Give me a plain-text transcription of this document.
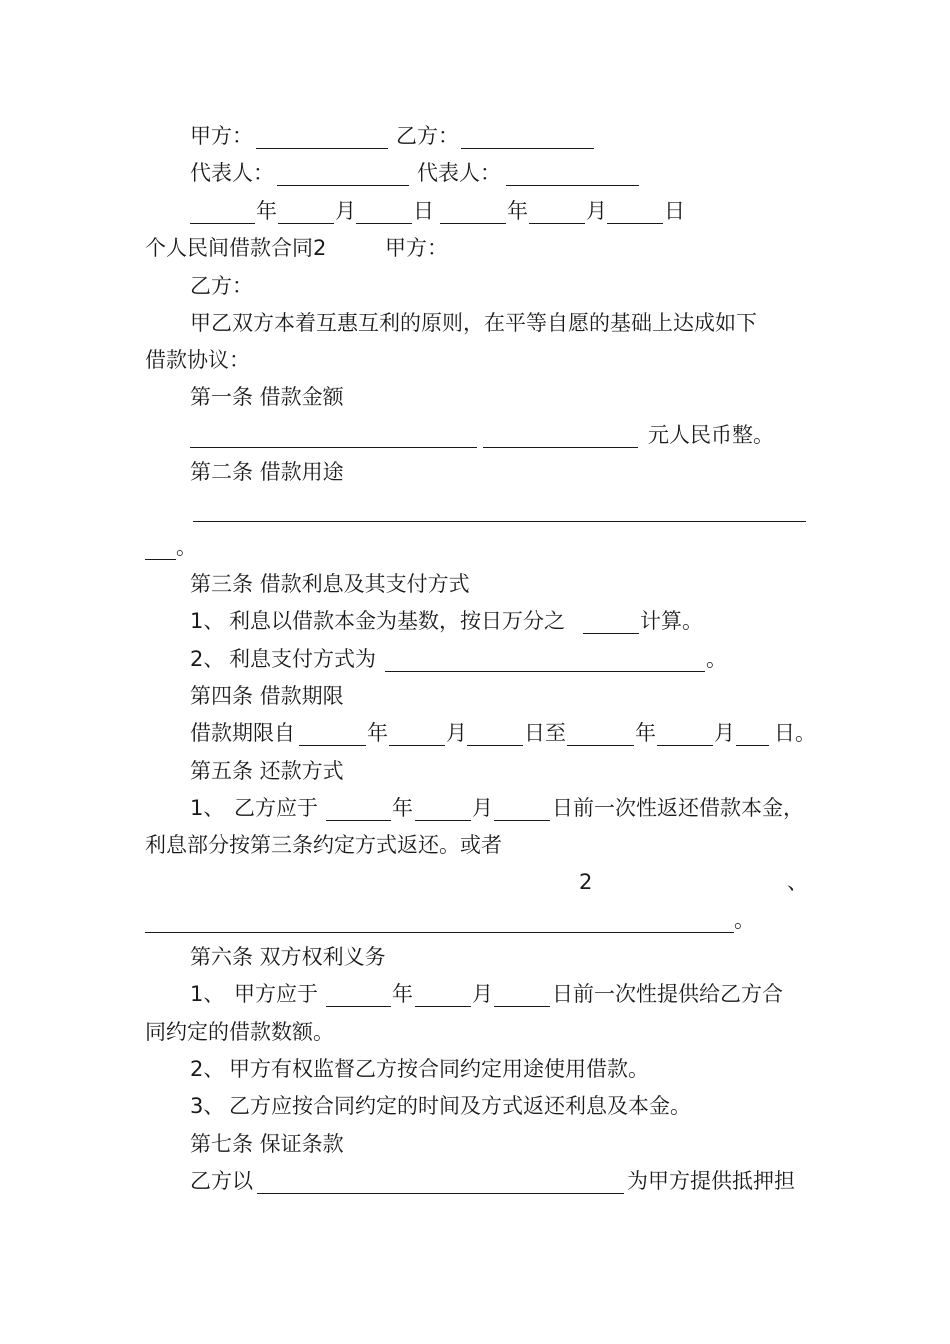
甲方：	乙方：
代表人：	代表人：
年	月	日	年	月	日
个人民间借款合同2	甲方：
乙方：
甲乙双方本着互惠互利的原则，在平等自愿的基础上达成如下
借款协议：
第一条 借款金额
元人民币整。
第二条 借款用途
。
第三条 借款利息及其支付方式
1、 利息以借款本金为基数，按日万分之	计算。
2、 利息支付方式为	。
第四条 借款期限
借款期限自	年	月	日至	年	月 日。
第五条 还款方式
1、 乙方应于	年	月	日前一次性返还借款本金，
利息部分按第三条约定方式返还。或者
2	、
。
第六条 双方权利义务
1、 甲方应于	年	月	日前一次性提供给乙方合
同约定的借款数额。
2、 甲方有权监督乙方按合同约定用途使用借款。
3、 乙方应按合同约定的时间及方式返还利息及本金。
第七条 保证条款
乙方以	为甲方提供抵押担
